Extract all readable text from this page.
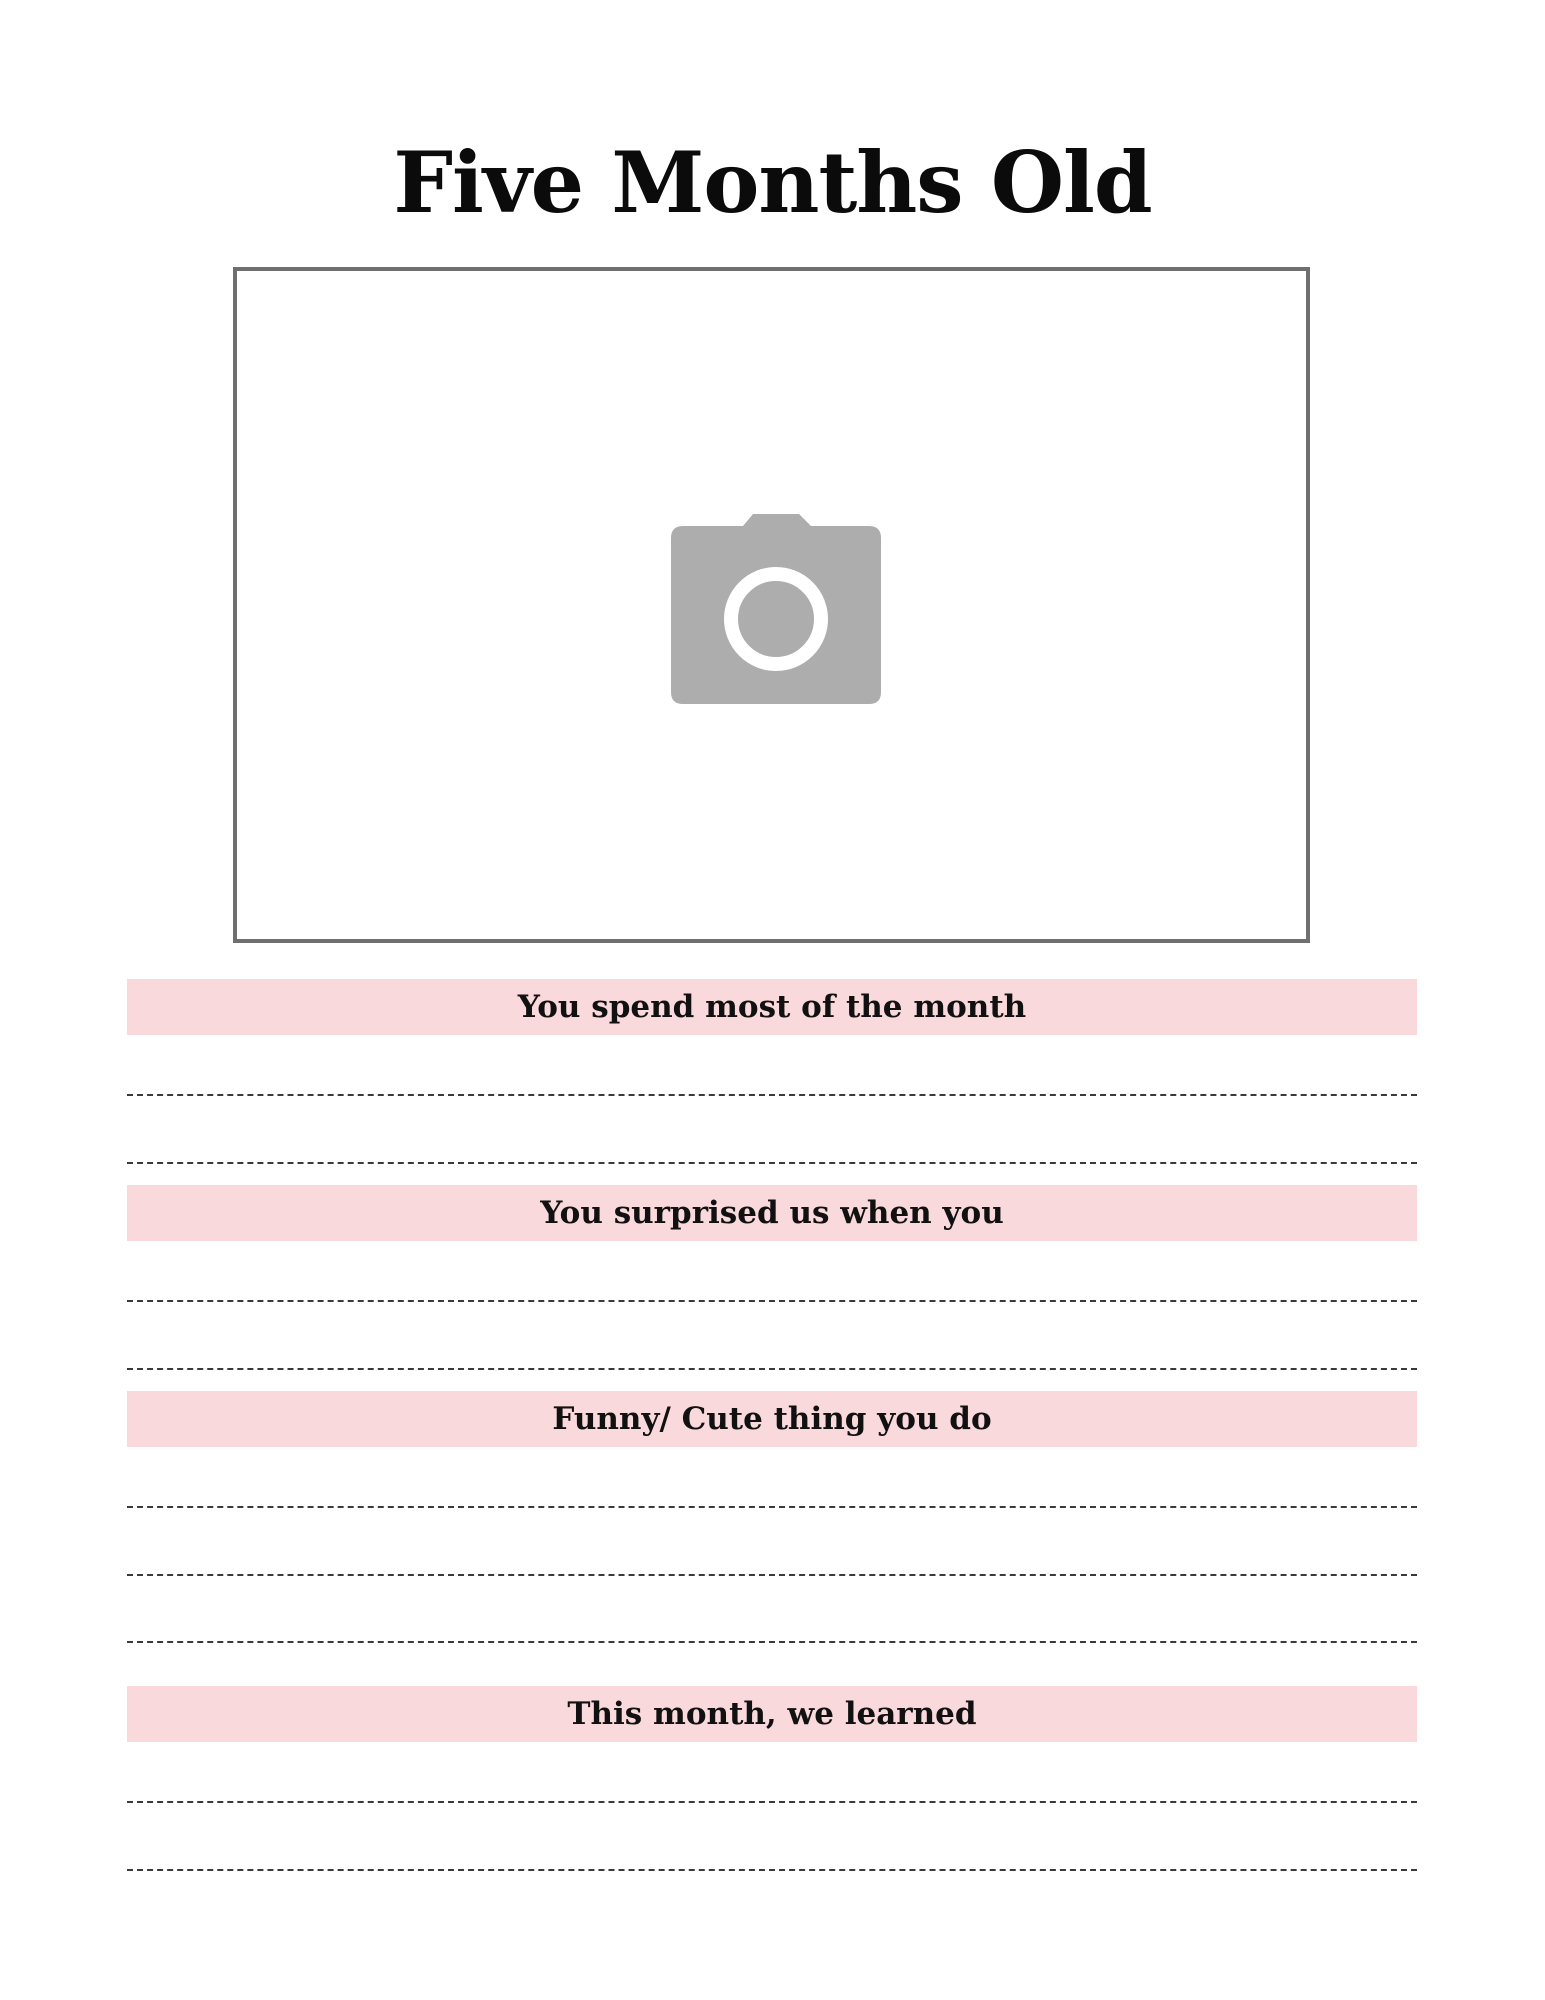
Five Months Old
You spend most of the month
You surprised us when you
Funny/ Cute thing you do
This month, we learned
